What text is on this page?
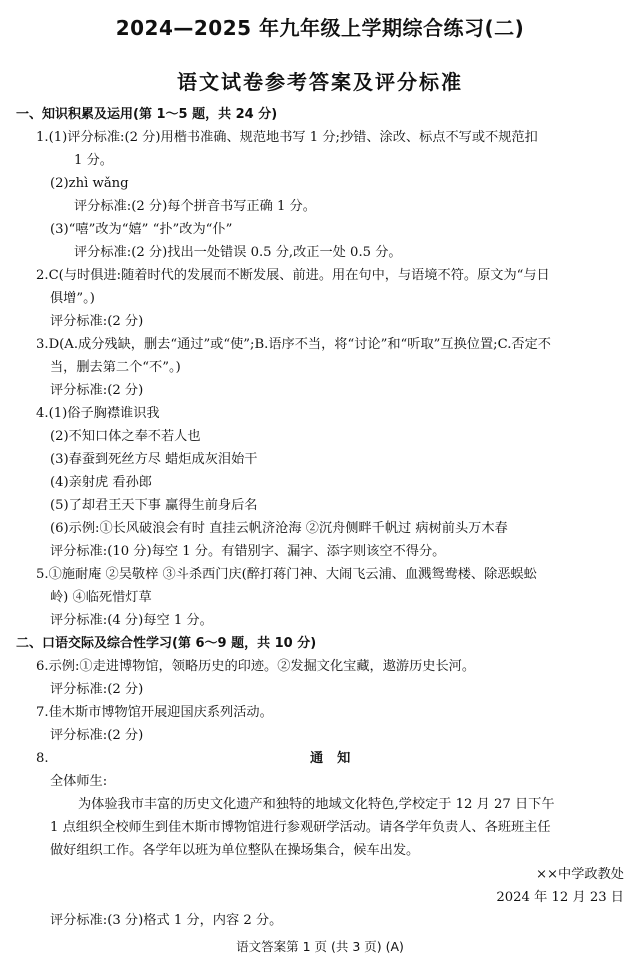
2024—2025 年九年级上学期综合练习(二)
语文试卷参考答案及评分标准
一、知识积累及运用(第 1～5 题，共 24 分)
1.(1)评分标准:(2 分)用楷书准确、规范地书写 1 分;抄错、涂改、标点不写或不规范扣
1 分。
(2)zhì wǎng
评分标准:(2 分)每个拼音书写正确 1 分。
(3)“嘻”改为“嬉” “扑”改为“仆”
评分标准:(2 分)找出一处错误 0.5 分,改正一处 0.5 分。
2.C(与时俱进:随着时代的发展而不断发展、前进。用在句中，与语境不符。原文为“与日
俱增”。)
评分标准:(2 分)
3.D(A.成分残缺，删去“通过”或“使”;B.语序不当，将“讨论”和“听取”互换位置;C.否定不
当，删去第二个“不”。)
评分标准:(2 分)
4.(1)俗子胸襟谁识我
(2)不知口体之奉不若人也
(3)春蚕到死丝方尽 蜡炬成灰泪始干
(4)亲射虎 看孙郎
(5)了却君王天下事 赢得生前身后名
(6)示例:①长风破浪会有时 直挂云帆济沧海 ②沉舟侧畔千帆过 病树前头万木春
评分标准:(10 分)每空 1 分。有错别字、漏字、添字则该空不得分。
5.①施耐庵 ②吴敬梓 ③斗杀西门庆(醉打蒋门神、大闹飞云浦、血溅鸳鸯楼、除恶蜈蚣
岭) ④临死惜灯草
评分标准:(4 分)每空 1 分。
二、口语交际及综合性学习(第 6～9 题，共 10 分)
6.示例:①走进博物馆，领略历史的印迹。②发掘文化宝藏，遨游历史长河。
评分标准:(2 分)
7.佳木斯市博物馆开展迎国庆系列活动。
评分标准:(2 分)
8.	通知
全体师生:
为体验我市丰富的历史文化遗产和独特的地域文化特色,学校定于 12 月 27 日下午
1 点组织全校师生到佳木斯市博物馆进行参观研学活动。请各学年负责人、各班班主任
做好组织工作。各学年以班为单位整队在操场集合，候车出发。
××中学政教处
2024 年 12 月 23 日
评分标准:(3 分)格式 1 分，内容 2 分。
语文答案第 1 页 (共 3 页) (A)
